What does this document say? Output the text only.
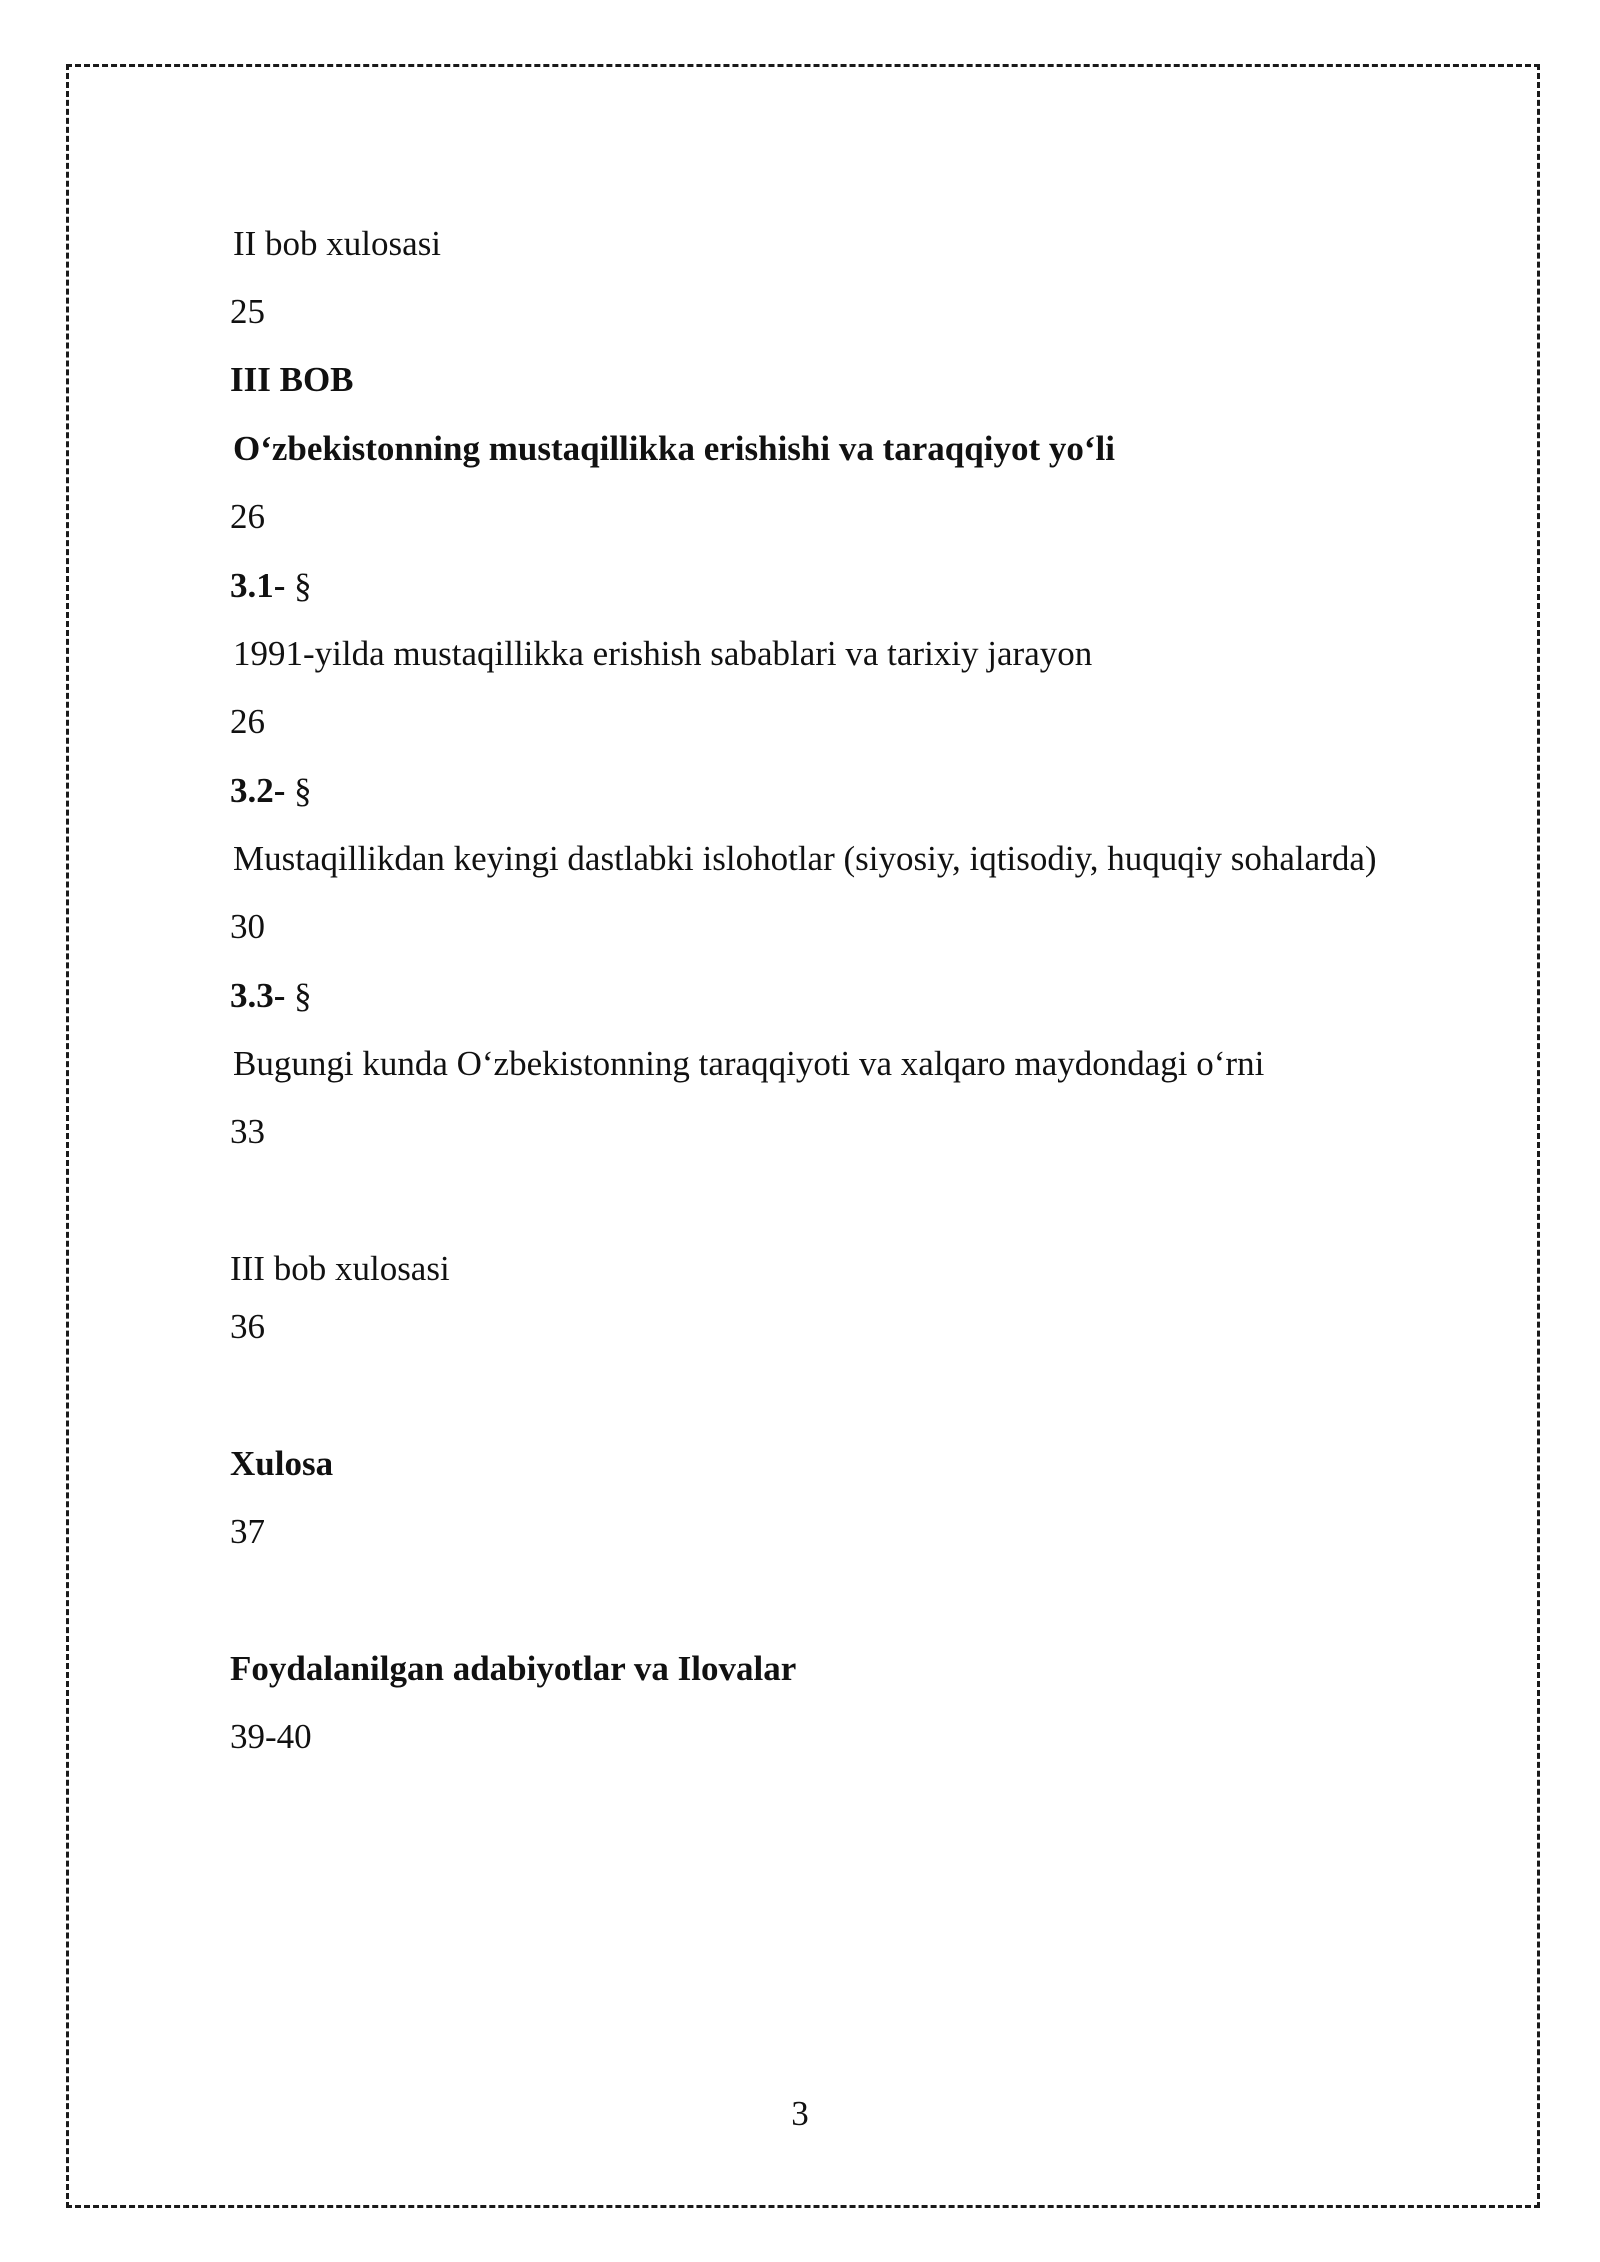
II bob xulosasi
25
III BOB
O‘zbekistonning mustaqillikka erishishi va taraqqiyot yo‘li
26
3.1- §
1991-yilda mustaqillikka erishish sabablari va tarixiy jarayon
26
3.2- §
Mustaqillikdan keyingi dastlabki islohotlar (siyosiy, iqtisodiy, huquqiy sohalarda)
30
3.3- §
Bugungi kunda O‘zbekistonning taraqqiyoti va xalqaro maydondagi o‘rni
33
III bob xulosasi
36
Xulosa
37
Foydalanilgan adabiyotlar va Ilovalar
39-40
3
